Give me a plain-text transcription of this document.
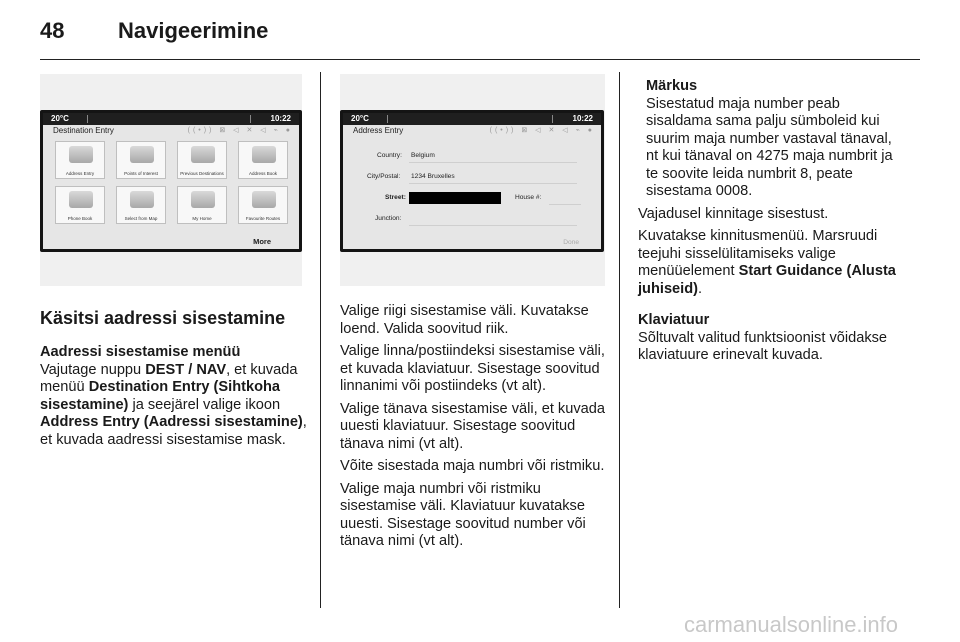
48 Navigeerimine
20°C	10:22
Destination Entry	((•)) ⊠ ◁ ✕ ◁ ⌁ ●
Address Entry	Points of Interest	Previous Destinations	Address Book
Phone Book	Select from Map	My Home	Favourite Routes
More
20°C	10:22
Address Entry	((•)) ⊠ ◁ ✕ ◁ ⌁ ●
Country: Belgium
City/Postal: 1234 Bruxelles
Street:	House #:
Junction:
Done
Käsitsi aadressi sisestamine

Aadressi sisestamise menüü

Vajutage nuppu DEST / NAV, et kuvada menüü Destination Entry (Sihtkoha sisestamine) ja seejärel valige ikoon Address Entry (Aadressi sisestamine), et kuvada aadressi sisestamise mask.

Valige riigi sisestamise väli. Kuvatakse loend. Valida soovitud riik.

Valige linna/postiindeksi sisestamise väli, et kuvada klaviatuur. Sisestage soovitud linnanimi või postiindeks (vt alt).

Valige tänava sisestamise väli, et kuvada uuesti klaviatuur. Sisestage soovitud tänava nimi (vt alt).

Võite sisestada maja numbri või ristmiku.

Valige maja numbri või ristmiku sisestamise väli. Klaviatuur kuvatakse uuesti. Sisestage soovitud number või tänava nimi (vt alt).

Märkus
Sisestatud maja number peab sisaldama sama palju sümboleid kui suurim maja number vastaval tänaval, nt kui tänaval on 4275 maja numbrit ja te soovite leida numbrit 8, peate sisestama 0008.

Vajadusel kinnitage sisestust.

Kuvatakse kinnitusmenüü. Marsruudi teejuhi sisselülitamiseks valige menüüelement Start Guidance (Alusta juhiseid).

Klaviatuur

Sõltuvalt valitud funktsioonist võidakse klaviatuure erinevalt kuvada.

carmanualsonline.info
